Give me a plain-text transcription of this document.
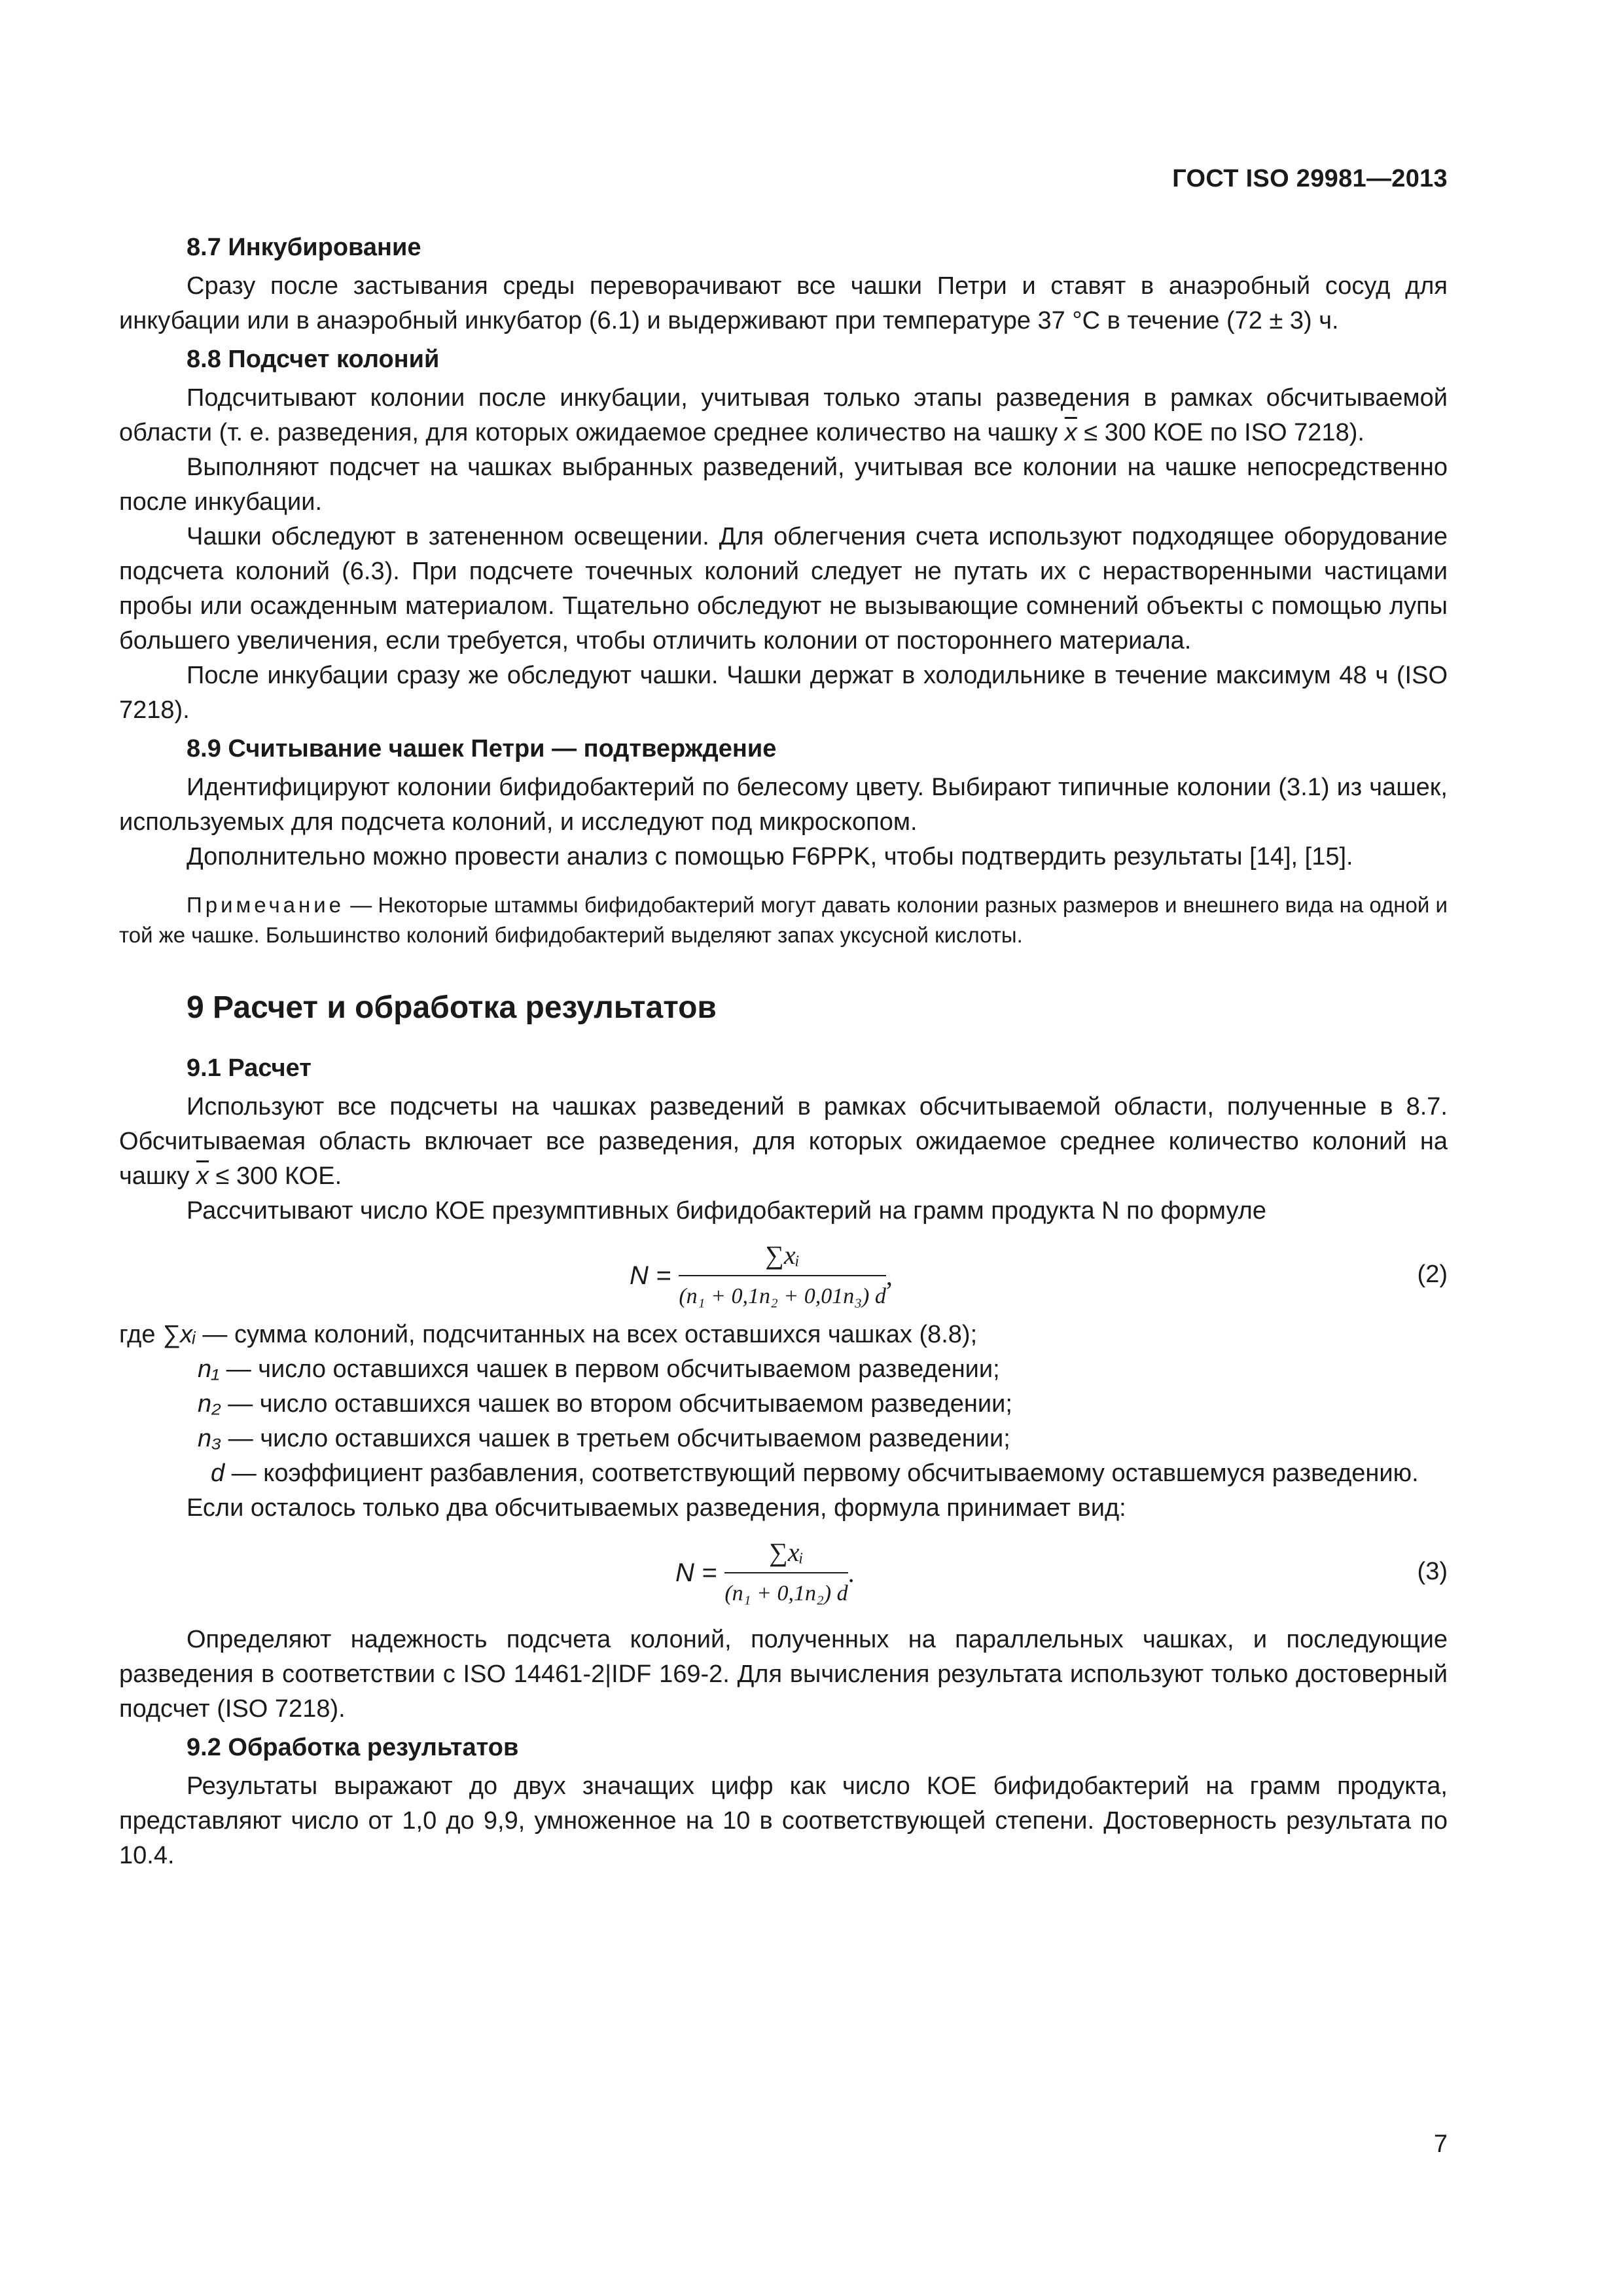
ГОСТ ISO 29981—2013
8.7 Инкубирование

Сразу после застывания среды переворачивают все чашки Петри и ставят в анаэробный сосуд для инкубации или в анаэробный инкубатор (6.1) и выдерживают при температуре 37 °С в течение (72 ± 3) ч.

8.8 Подсчет колоний

Подсчитывают колонии после инкубации, учитывая только этапы разведения в рамках обсчитываемой области (т. е. разведения, для которых ожидаемое среднее количество на чашку $\overline{x} \le 300$ КОЕ по ISO 7218).

Выполняют подсчет на чашках выбранных разведений, учитывая все колонии на чашке непосредственно после инкубации.

Чашки обследуют в затененном освещении. Для облегчения счета используют подходящее оборудование подсчета колоний (6.3). При подсчете точечных колоний следует не путать их с нерастворенными частицами пробы или осажденным материалом. Тщательно обследуют не вызывающие сомнений объекты с помощью лупы большего увеличения, если требуется, чтобы отличить колонии от постороннего материала.

После инкубации сразу же обследуют чашки. Чашки держат в холодильнике в течение максимум 48 ч (ISO 7218).

8.9 Считывание чашек Петри — подтверждение

Идентифицируют колонии бифидобактерий по белесому цвету. Выбирают типичные колонии (3.1) из чашек, используемых для подсчета колоний, и исследуют под микроскопом.

Дополнительно можно провести анализ с помощью F6PPK, чтобы подтвердить результаты [14], [15].

Примечание — Некоторые штаммы бифидобактерий могут давать колонии разных размеров и внешнего вида на одной и той же чашке. Большинство колоний бифидобактерий выделяют запах уксусной кислоты.

9 Расчет и обработка результатов
9.1 Расчет

Используют все подсчеты на чашках разведений в рамках обсчитываемой области, полученные в 8.7. Обсчитываемая область включает все разведения, для которых ожидаемое среднее количество колоний на чашку $\overline{x} \le 300$ КОЕ.

Рассчитывают число КОЕ презумптивных бифидобактерий на грамм продукта N по формуле

$N = \frac{\text{∑xᵢ}}{\text{(n₁ + 0,1n₂ + 0,01n₃) d}}$ ,	(2)
где ∑xᵢ — сумма колоний, подсчитанных на всех оставшихся чашках (8.8);
n₁ — число оставшихся чашек в первом обсчитываемом разведении;
n₂ — число оставшихся чашек во втором обсчитываемом разведении;
n₃ — число оставшихся чашек в третьем обсчитываемом разведении;
d — коэффициент разбавления, соответствующий первому обсчитываемому оставшемуся разведению.

Если осталось только два обсчитываемых разведения, формула принимает вид:

$N = \frac{\text{∑xᵢ}}{\text{(n₁ + 0,1n₂) d}}$ .	(3)

Определяют надежность подсчета колоний, полученных на параллельных чашках, и последующие разведения в соответствии с ISO 14461-2|IDF 169-2. Для вычисления результата используют только достоверный подсчет (ISO 7218).

9.2 Обработка результатов

Результаты выражают до двух значащих цифр как число КОЕ бифидобактерий на грамм продукта, представляют число от 1,0 до 9,9, умноженное на 10 в соответствующей степени. Достоверность результата по 10.4.

7
